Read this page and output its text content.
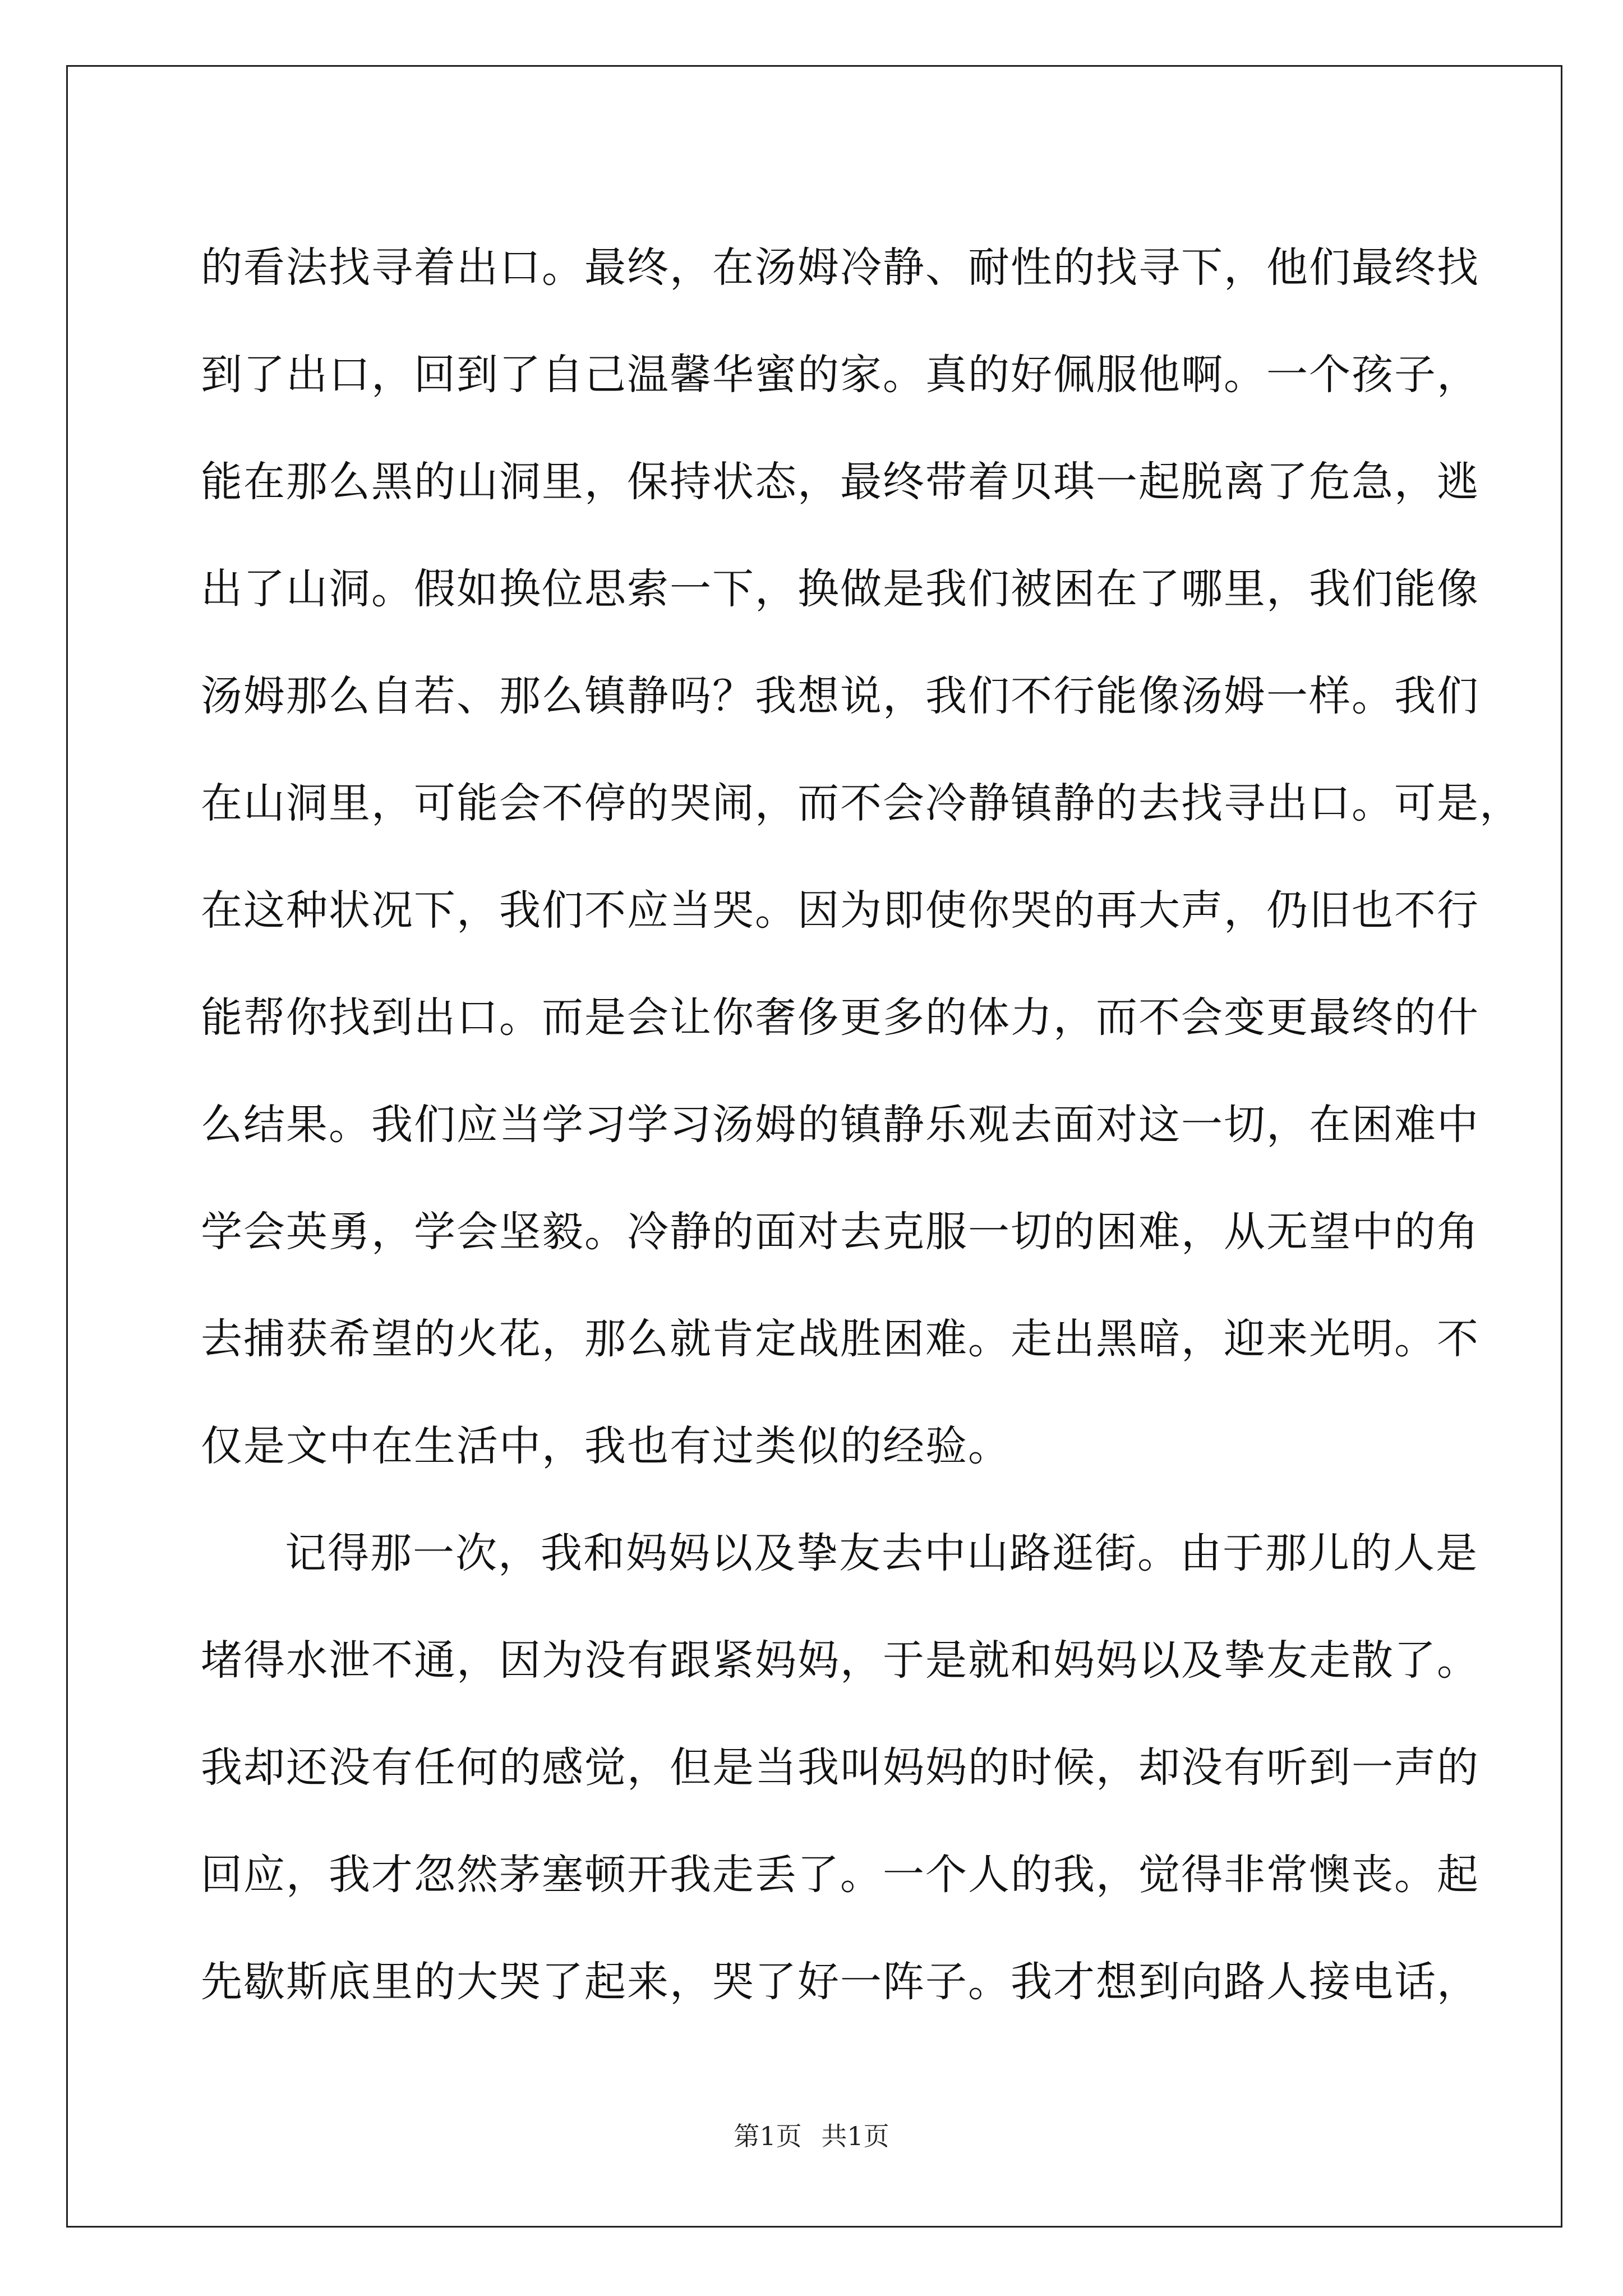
的看法找寻着出口。最终，在汤姆冷静、耐性的找寻下，他们最终找

到了出口，回到了自己温馨华蜜的家。真的好佩服他啊。一个孩子，

能在那么黑的山洞里，保持状态，最终带着贝琪一起脱离了危急，逃

出了山洞。假如换位思索一下，换做是我们被困在了哪里，我们能像

汤姆那么自若、那么镇静吗？我想说，我们不行能像汤姆一样。我们

在山洞里，可能会不停的哭闹，而不会冷静镇静的去找寻出口。可是，

在这种状况下，我们不应当哭。因为即使你哭的再大声，仍旧也不行

能帮你找到出口。而是会让你奢侈更多的体力，而不会变更最终的什

么结果。我们应当学习学习汤姆的镇静乐观去面对这一切，在困难中

学会英勇，学会坚毅。冷静的面对去克服一切的困难，从无望中的角

去捕获希望的火花，那么就肯定战胜困难。走出黑暗，迎来光明。不

仅是文中在生活中，我也有过类似的经验。

记得那一次，我和妈妈以及挚友去中山路逛街。由于那儿的人是

堵得水泄不通，因为没有跟紧妈妈，于是就和妈妈以及挚友走散了。

我却还没有任何的感觉，但是当我叫妈妈的时候，却没有听到一声的

回应，我才忽然茅塞顿开我走丢了。一个人的我，觉得非常懊丧。起

先歇斯底里的大哭了起来，哭了好一阵子。我才想到向路人接电话，

第1页 共1页
